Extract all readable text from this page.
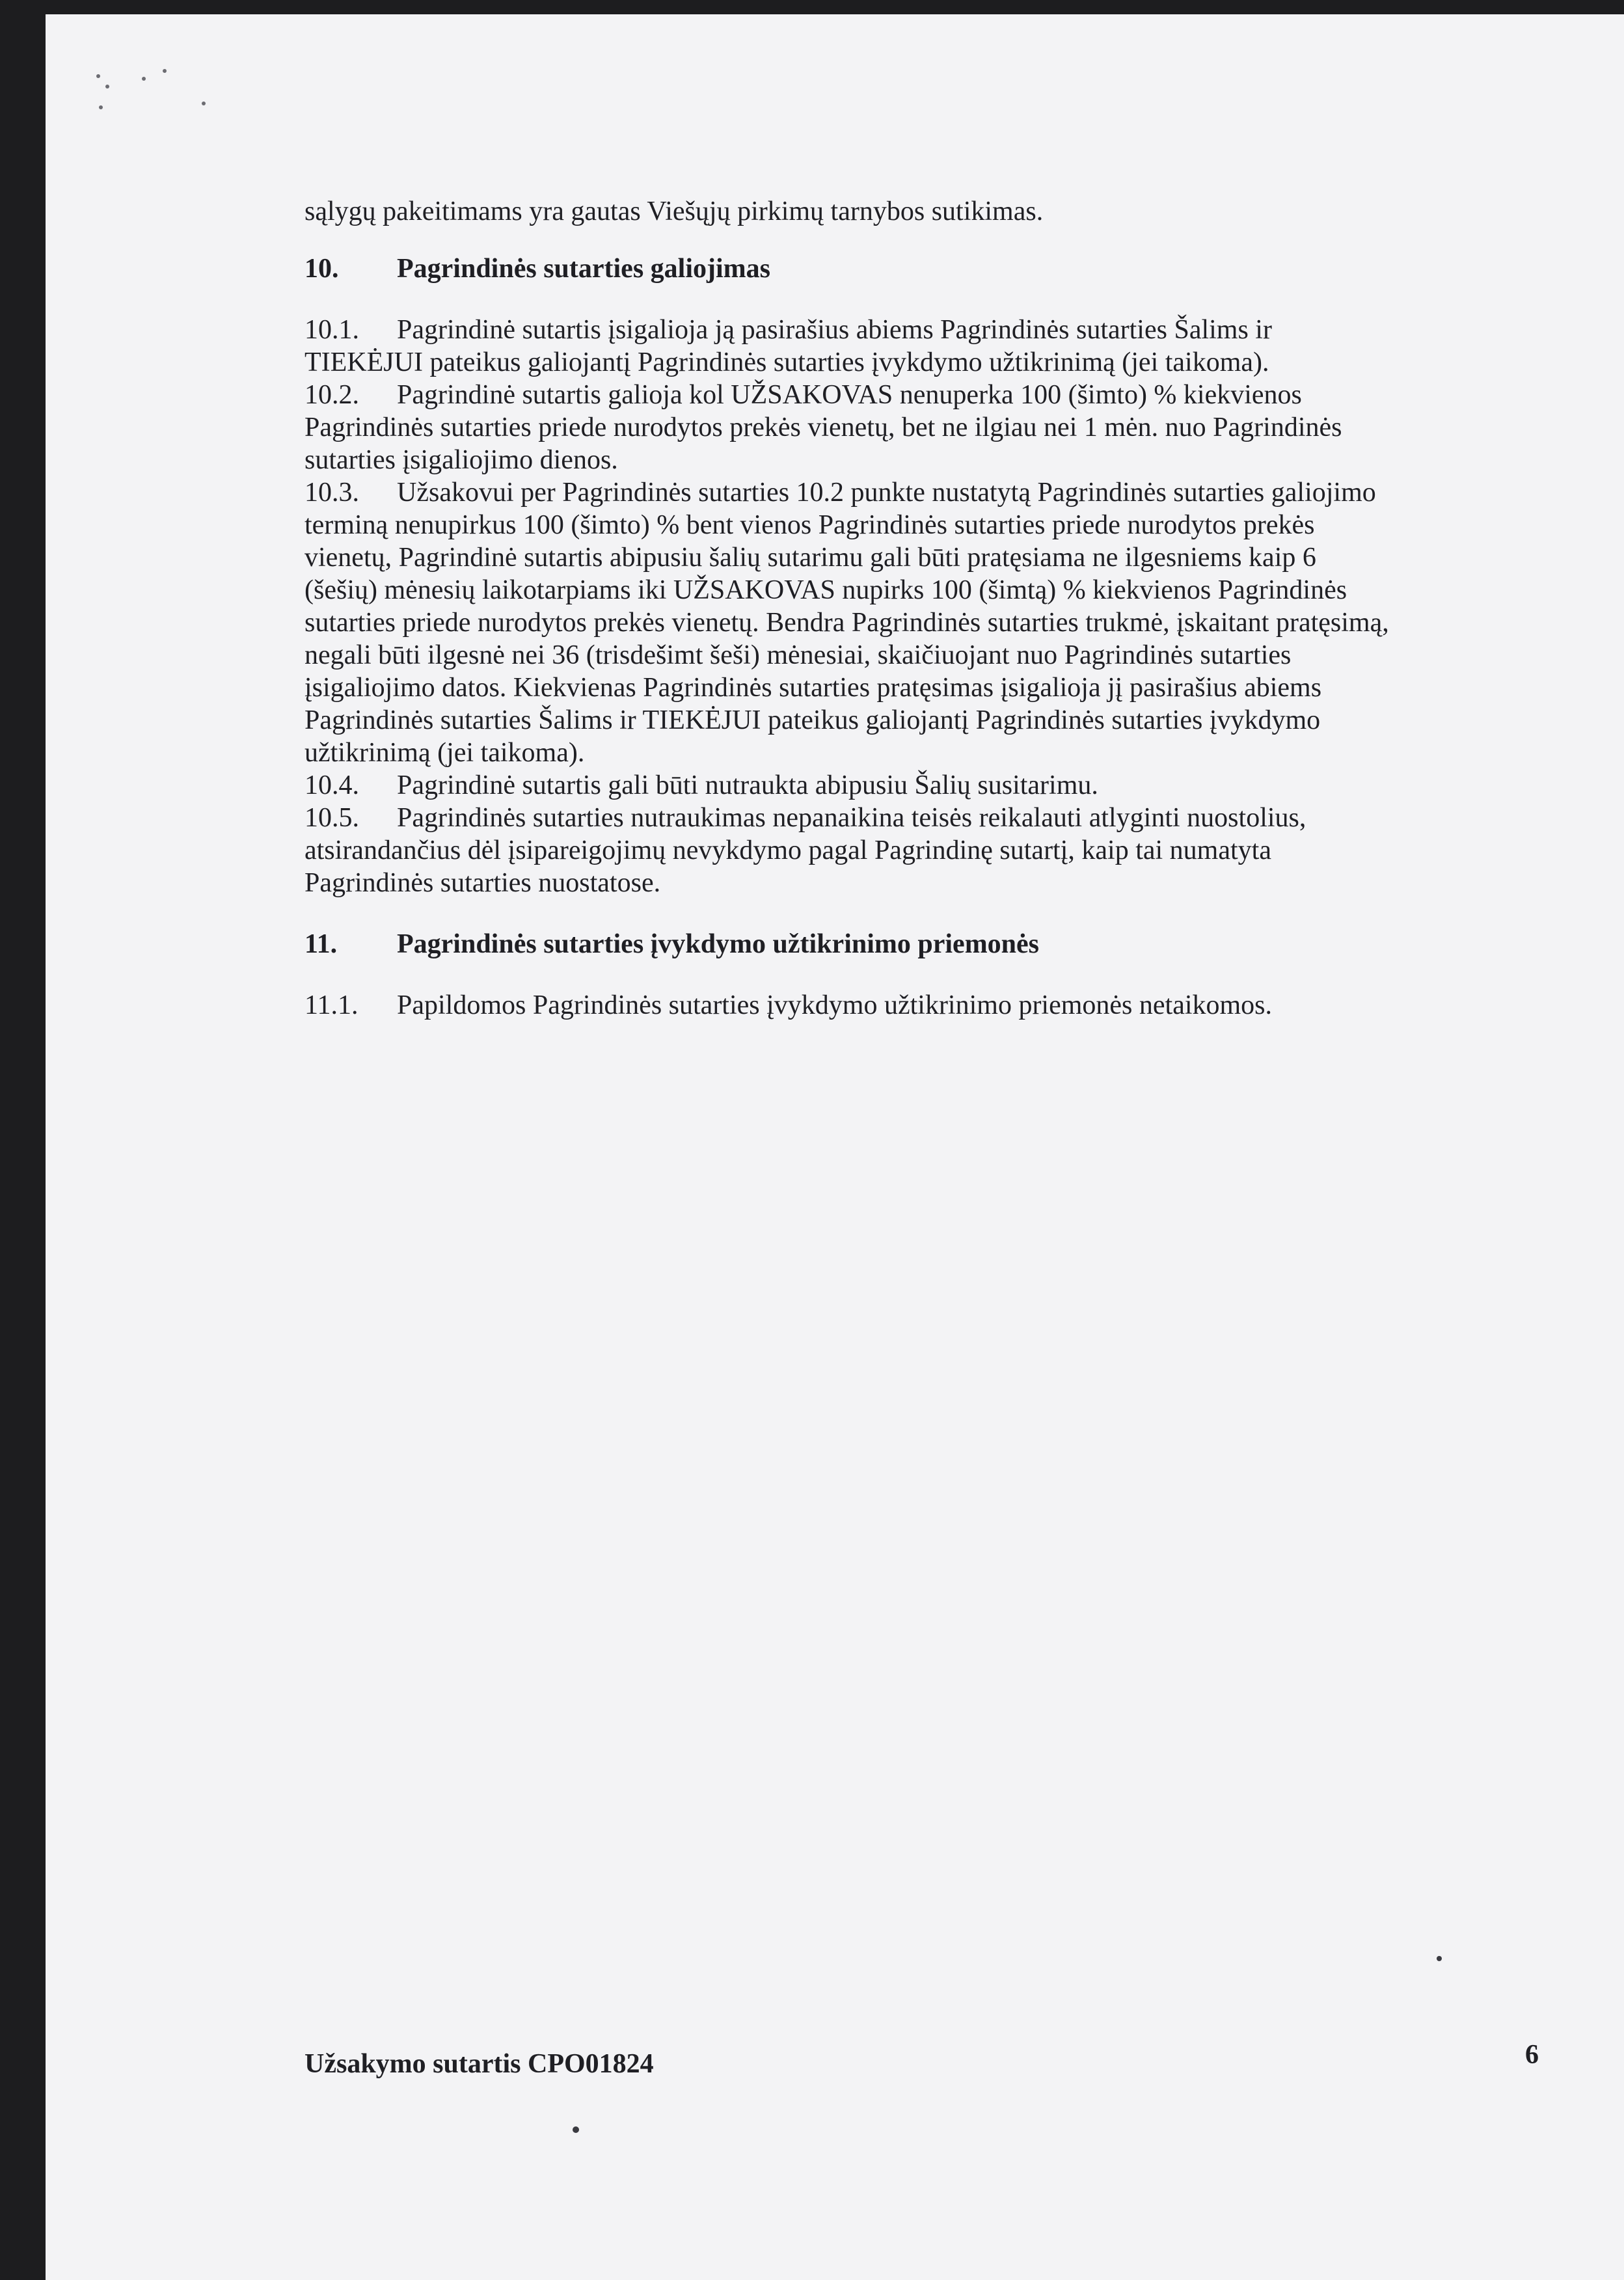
sąlygų pakeitimams yra gautas Viešųjų pirkimų tarnybos sutikimas.

10. Pagrindinės sutarties galiojimas

10.1. Pagrindinė sutartis įsigalioja ją pasirašius abiems Pagrindinės sutarties Šalims ir

TIEKĖJUI pateikus galiojantį Pagrindinės sutarties įvykdymo užtikrinimą (jei taikoma).

10.2. Pagrindinė sutartis galioja kol UŽSAKOVAS nenuperka 100 (šimto) % kiekvienos

Pagrindinės sutarties priede nurodytos prekės vienetų, bet ne ilgiau nei 1 mėn. nuo Pagrindinės

sutarties įsigaliojimo dienos.

10.3. Užsakovui per Pagrindinės sutarties 10.2 punkte nustatytą Pagrindinės sutarties galiojimo

terminą nenupirkus 100 (šimto) % bent vienos Pagrindinės sutarties priede nurodytos prekės

vienetų, Pagrindinė sutartis abipusiu šalių sutarimu gali būti pratęsiama ne ilgesniems kaip 6

(šešių) mėnesių laikotarpiams iki UŽSAKOVAS nupirks 100 (šimtą) % kiekvienos Pagrindinės

sutarties priede nurodytos prekės vienetų. Bendra Pagrindinės sutarties trukmė, įskaitant pratęsimą,

negali būti ilgesnė nei 36 (trisdešimt šeši) mėnesiai, skaičiuojant nuo Pagrindinės sutarties

įsigaliojimo datos. Kiekvienas Pagrindinės sutarties pratęsimas įsigalioja jį pasirašius abiems

Pagrindinės sutarties Šalims ir TIEKĖJUI pateikus galiojantį Pagrindinės sutarties įvykdymo

užtikrinimą (jei taikoma).

10.4. Pagrindinė sutartis gali būti nutraukta abipusiu Šalių susitarimu.

10.5. Pagrindinės sutarties nutraukimas nepanaikina teisės reikalauti atlyginti nuostolius,

atsirandančius dėl įsipareigojimų nevykdymo pagal Pagrindinę sutartį, kaip tai numatyta

Pagrindinės sutarties nuostatose.

11. Pagrindinės sutarties įvykdymo užtikrinimo priemonės

11.1. Papildomos Pagrindinės sutarties įvykdymo užtikrinimo priemonės netaikomos.

Užsakymo sutartis CPO01824	6
